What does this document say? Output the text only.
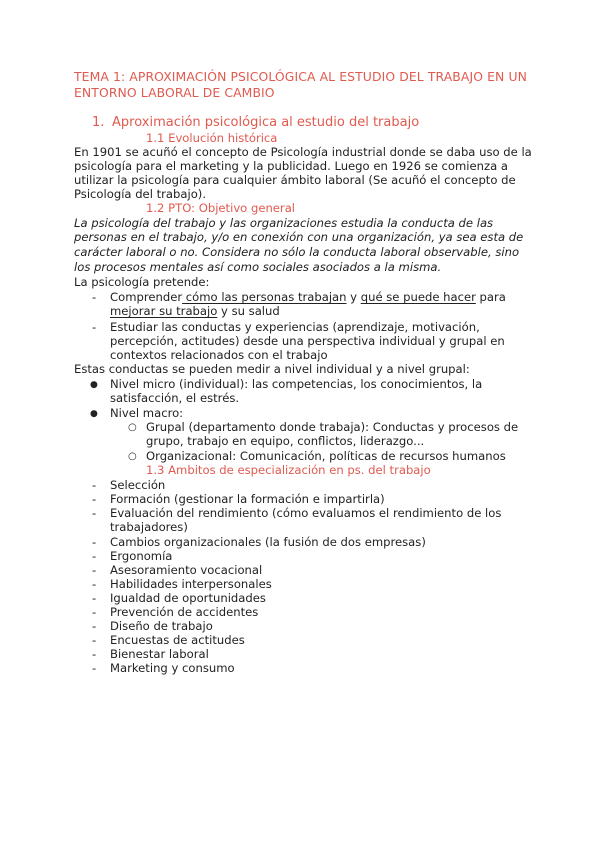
TEMA 1: APROXIMACIÓN PSICOLÓGICA AL ESTUDIO DEL TRABAJO EN UN
ENTORNO LABORAL DE CAMBIO
1. Aproximación psicológica al estudio del trabajo
1.1 Evolución histórica
En 1901 se acuñó el concepto de Psicología industrial donde se daba uso de la
psicología para el marketing y la publicidad. Luego en 1926 se comienza a
utilizar la psicología para cualquier ámbito laboral (Se acuñó el concepto de
Psicología del trabajo).
1.2 PTO: Objetivo general
La psicología del trabajo y las organizaciones estudia la conducta de las
personas en el trabajo, y/o en conexión con una organización, ya sea esta de
carácter laboral o no. Considera no sólo la conducta laboral observable, sino
los procesos mentales así como sociales asociados a la misma.
La psicología pretende:
- Comprender cómo las personas trabajan y qué se puede hacer para
mejorar su trabajo y su salud
- Estudiar las conductas y experiencias (aprendizaje, motivación,
percepción, actitudes) desde una perspectiva individual y grupal en
contextos relacionados con el trabajo
Estas conductas se pueden medir a nivel individual y a nivel grupal:
● Nivel micro (individual): las competencias, los conocimientos, la
satisfacción, el estrés.
● Nivel macro:
○ Grupal (departamento donde trabaja): Conductas y procesos de
grupo, trabajo en equipo, conflictos, liderazgo...
○ Organizacional: Comunicación, políticas de recursos humanos
1.3 Ambitos de especialización en ps. del trabajo
- Selección
- Formación (gestionar la formación e impartirla)
- Evaluación del rendimiento (cómo evaluamos el rendimiento de los
trabajadores)
- Cambios organizacionales (la fusión de dos empresas)
- Ergonomía
- Asesoramiento vocacional
- Habilidades interpersonales
- Igualdad de oportunidades
- Prevención de accidentes
- Diseño de trabajo
- Encuestas de actitudes
- Bienestar laboral
- Marketing y consumo
